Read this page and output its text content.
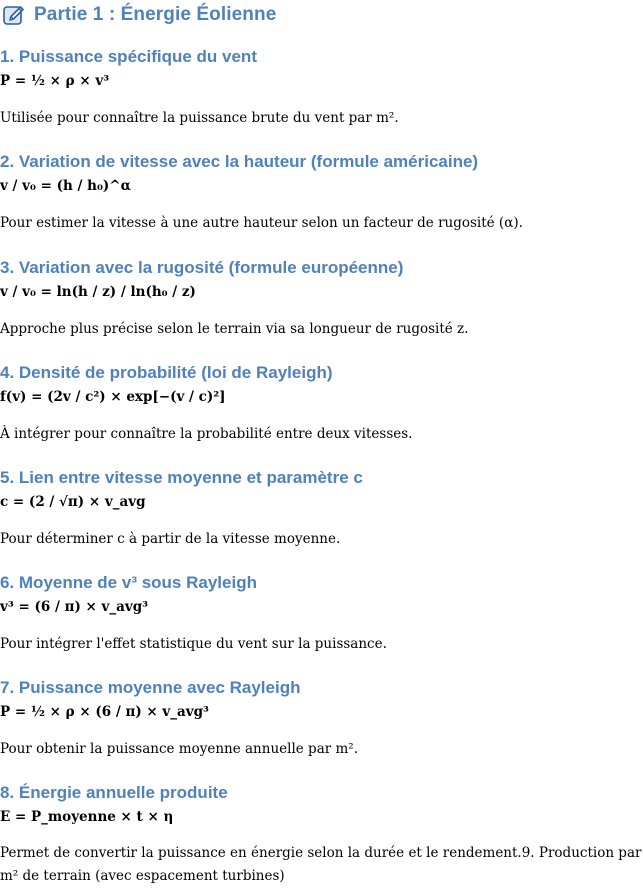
Partie 1 : Énergie Éolienne
1. Puissance spécifique du vent
P = ½ × ρ × v³
Utilisée pour connaître la puissance brute du vent par m².
2. Variation de vitesse avec la hauteur (formule américaine)
v / v₀ = (h / h₀)^α
Pour estimer la vitesse à une autre hauteur selon un facteur de rugosité (α).
3. Variation avec la rugosité (formule européenne)
v / v₀ = ln(h / z) / ln(h₀ / z)
Approche plus précise selon le terrain via sa longueur de rugosité z.
4. Densité de probabilité (loi de Rayleigh)
f(v) = (2v / c²) × exp[−(v / c)²]
À intégrer pour connaître la probabilité entre deux vitesses.
5. Lien entre vitesse moyenne et paramètre c
c = (2 / √π) × v_avg
Pour déterminer c à partir de la vitesse moyenne.
6. Moyenne de v³ sous Rayleigh
v³ = (6 / π) × v_avg³
Pour intégrer l'effet statistique du vent sur la puissance.
7. Puissance moyenne avec Rayleigh
P = ½ × ρ × (6 / π) × v_avg³
Pour obtenir la puissance moyenne annuelle par m².
8. Énergie annuelle produite
E = P_moyenne × t × η
Permet de convertir la puissance en énergie selon la durée et le rendement.9. Production par m² de terrain (avec espacement turbines)
